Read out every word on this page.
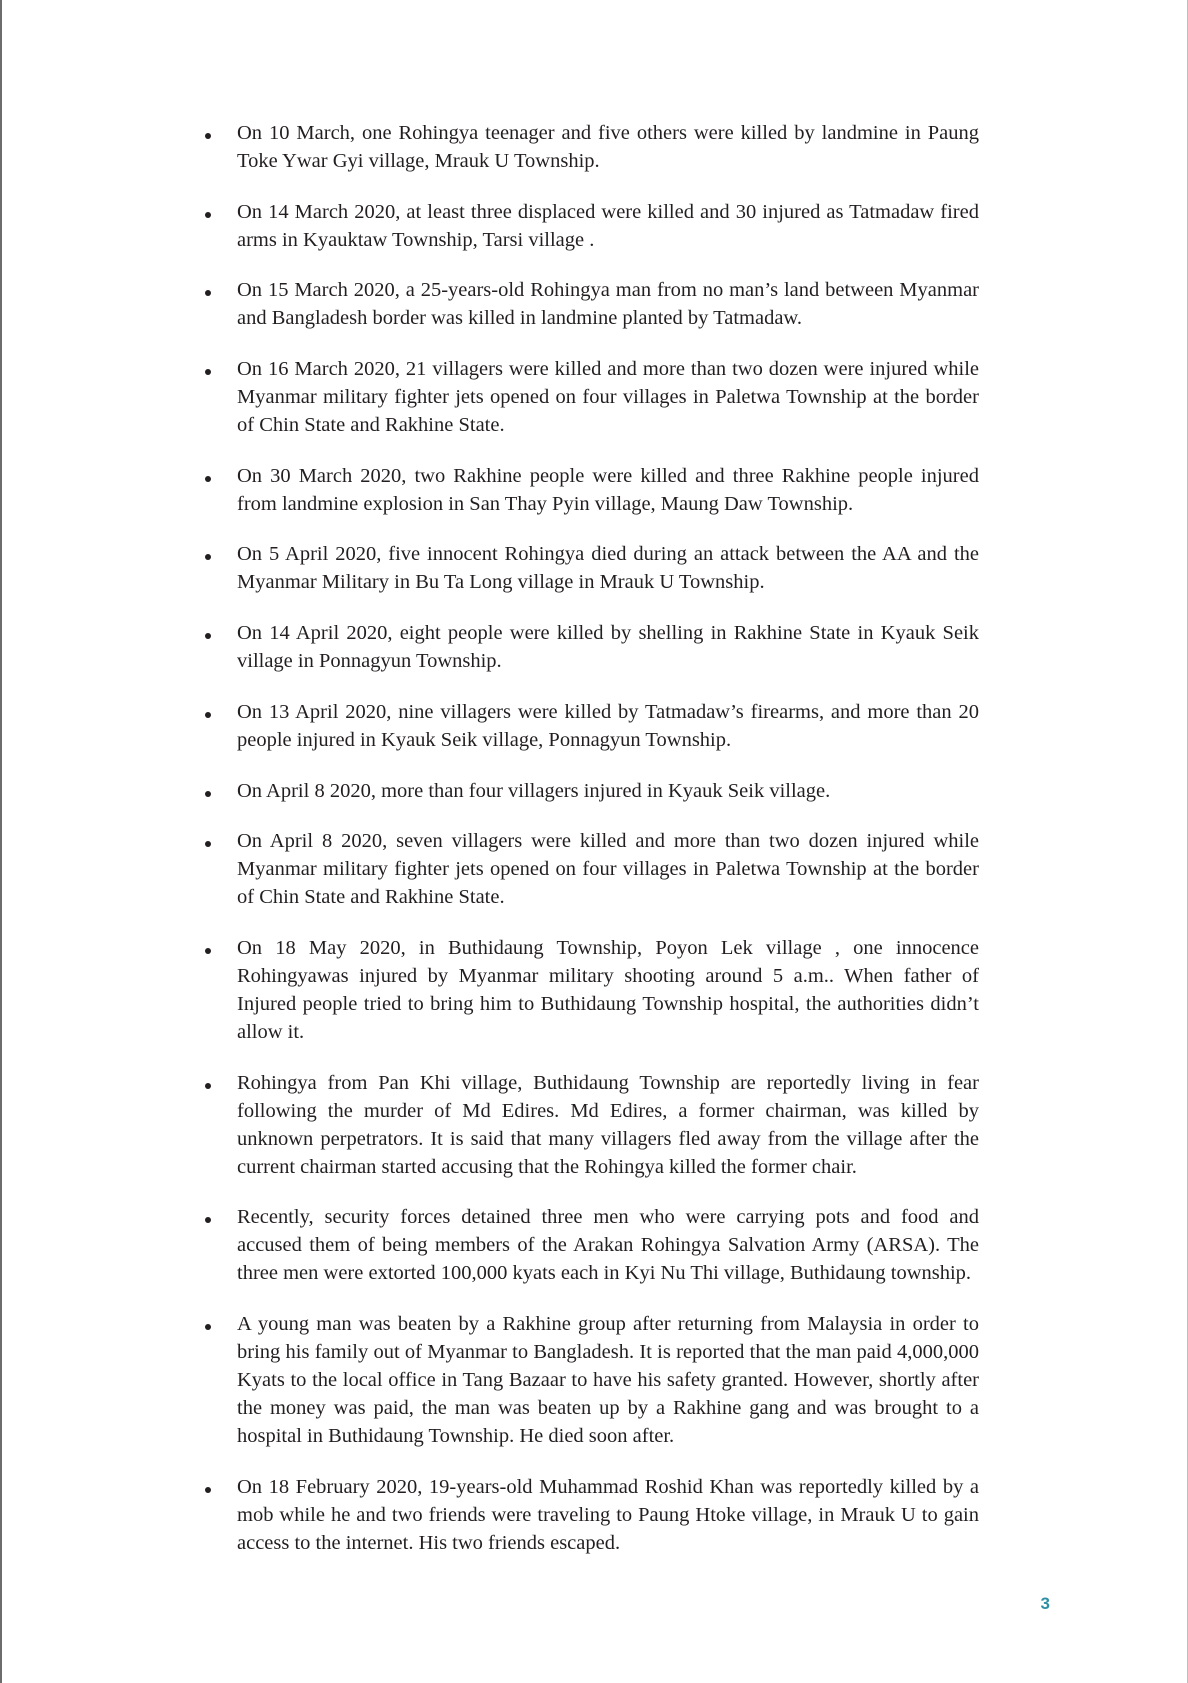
On 10 March, one Rohingya teenager and five others were killed by landmine in Paung Toke Ywar Gyi village, Mrauk U Township.
On 14 March 2020, at least three displaced were killed and 30 injured as Tatmadaw fired arms in Kyauktaw Township, Tarsi village .
On 15 March 2020, a 25-years-old Rohingya man from no man’s land between Myanmar and Bangladesh border was killed in landmine planted by Tatmadaw.
On 16 March 2020, 21 villagers were killed and more than two dozen were injured while Myanmar military fighter jets opened on four villages in Paletwa Township at the border of Chin State and Rakhine State.
On 30 March 2020, two Rakhine people were killed and three Rakhine people injured from landmine explosion in San Thay Pyin village, Maung Daw Township.
On 5 April 2020, five innocent Rohingya died during an attack between the AA and the Myanmar Military in Bu Ta Long village in Mrauk U Township.
On 14 April 2020, eight people were killed by shelling in Rakhine State in Kyauk Seik village in Ponnagyun Township.
On 13 April 2020, nine villagers were killed by Tatmadaw’s firearms, and more than 20 people injured in Kyauk Seik village, Ponnagyun Township.
On April 8 2020, more than four villagers injured in Kyauk Seik village.
On April 8 2020, seven villagers were killed and more than two dozen injured while Myanmar military fighter jets opened on four villages in Paletwa Township at the border of Chin State and Rakhine State.
On 18 May 2020, in Buthidaung Township, Poyon Lek village , one innocence Rohingyawas injured by Myanmar military shooting around 5 a.m.. When father of Injured people tried to bring him to Buthidaung Township hospital, the authorities didn’t allow it.
Rohingya from Pan Khi village, Buthidaung Township are reportedly living in fear following the murder of Md Edires. Md Edires, a former chairman, was killed by unknown perpetrators. It is said that many villagers fled away from the village after the current chairman started accusing that the Rohingya killed the former chair.
Recently, security forces detained three men who were carrying pots and food and accused them of being members of the Arakan Rohingya Salvation Army (ARSA). The three men were extorted 100,000 kyats each in Kyi Nu Thi village, Buthidaung township.
A young man was beaten by a Rakhine group after returning from Malaysia in order to bring his family out of Myanmar to Bangladesh. It is reported that the man paid 4,000,000 Kyats to the local office in Tang Bazaar to have his safety granted. However, shortly after the money was paid, the man was beaten up by a Rakhine gang and was brought to a hospital in Buthidaung Township. He died soon after.
On 18 February 2020, 19-years-old Muhammad Roshid Khan was reportedly killed by a mob while he and two friends were traveling to Paung Htoke village, in Mrauk U to gain access to the internet. His two friends escaped.
3
